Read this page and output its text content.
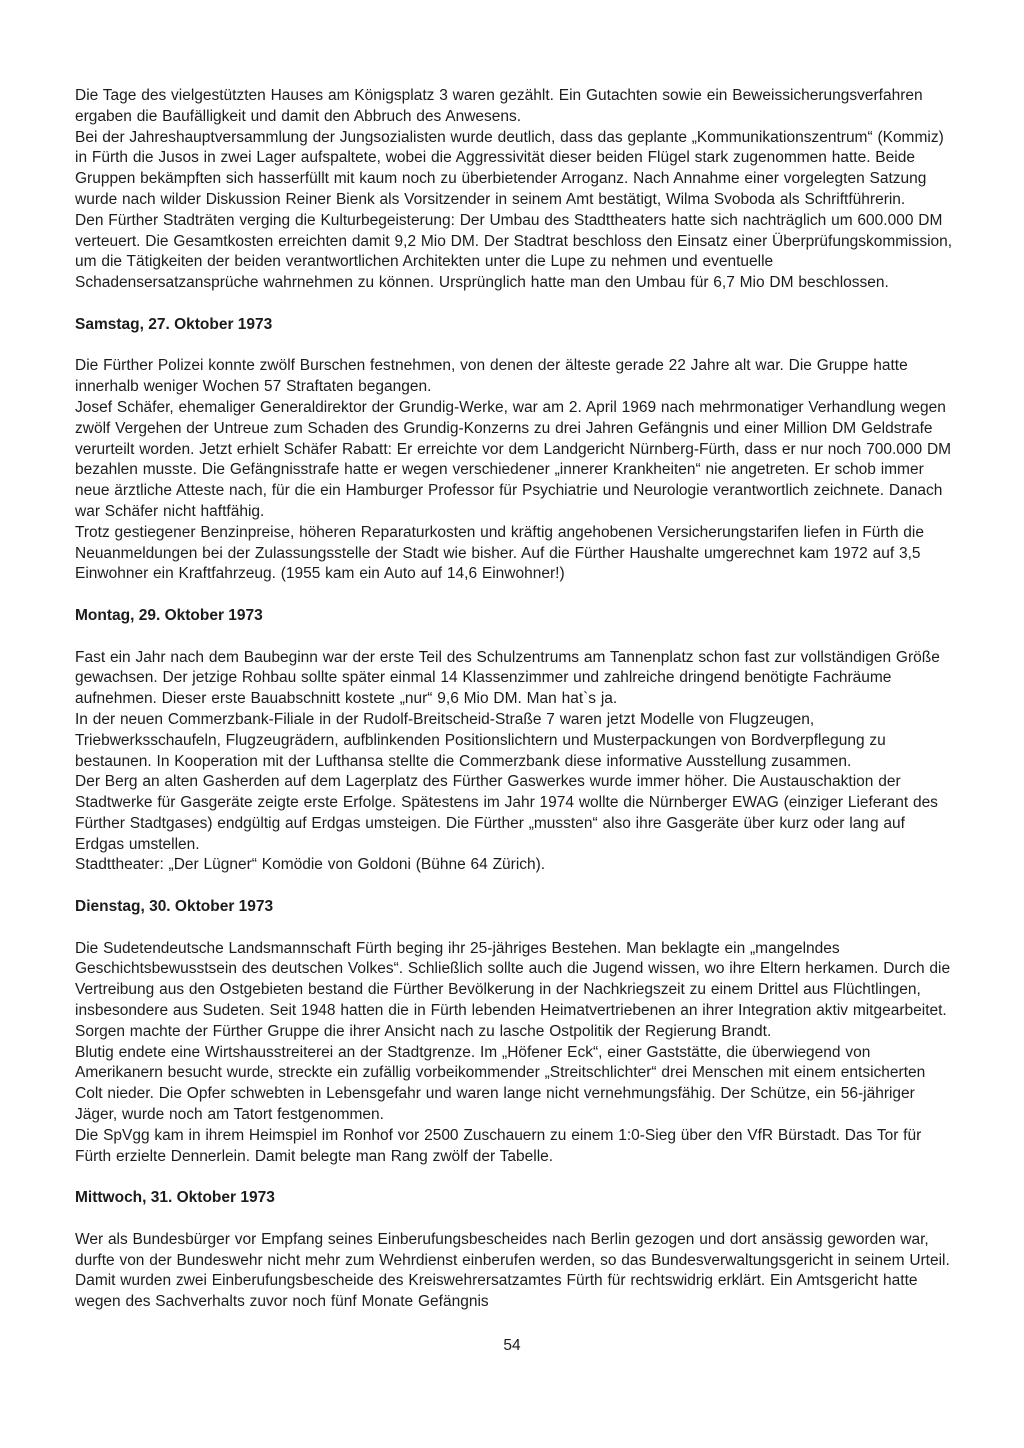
Die Tage des vielgestützten Hauses am Königsplatz 3 waren gezählt. Ein Gutachten sowie ein Beweissicherungsverfahren ergaben die Baufälligkeit und damit den Abbruch des Anwesens.

Bei der Jahreshauptversammlung der Jungsozialisten wurde deutlich, dass das geplante „Kommunikationszentrum“ (Kommiz) in Fürth die Jusos in zwei Lager aufspaltete, wobei die Aggressivität dieser beiden Flügel stark zugenommen hatte. Beide Gruppen bekämpften sich hasserfüllt mit kaum noch zu überbietender Arroganz. Nach Annahme einer vorgelegten Satzung wurde nach wilder Diskussion Reiner Bienk als Vorsitzender in seinem Amt bestätigt, Wilma Svoboda als Schriftführerin.

Den Fürther Stadträten verging die Kulturbegeisterung: Der Umbau des Stadttheaters hatte sich nachträglich um 600.000 DM verteuert. Die Gesamtkosten erreichten damit 9,2 Mio DM. Der Stadtrat beschloss den Einsatz einer Überprüfungskommission, um die Tätigkeiten der beiden verantwortlichen Architekten unter die Lupe zu nehmen und eventuelle Schadensersatzansprüche wahrnehmen zu können. Ursprünglich hatte man den Umbau für 6,7 Mio DM beschlossen.

Samstag, 27. Oktober 1973

Die Fürther Polizei konnte zwölf Burschen festnehmen, von denen der älteste gerade 22 Jahre alt war. Die Gruppe hatte innerhalb weniger Wochen 57 Straftaten begangen.

Josef Schäfer, ehemaliger Generaldirektor der Grundig-Werke, war am 2. April 1969 nach mehrmonatiger Verhandlung wegen zwölf Vergehen der Untreue zum Schaden des Grundig-Konzerns zu drei Jahren Gefängnis und einer Million DM Geldstrafe verurteilt worden. Jetzt erhielt Schäfer Rabatt: Er erreichte vor dem Landgericht Nürnberg-Fürth, dass er nur noch 700.000 DM bezahlen musste. Die Gefängnisstrafe hatte er wegen verschiedener „innerer Krankheiten“ nie angetreten. Er schob immer neue ärztliche Atteste nach, für die ein Hamburger Professor für Psychiatrie und Neurologie verantwortlich zeichnete. Danach war Schäfer nicht haftfähig.

Trotz gestiegener Benzinpreise, höheren Reparaturkosten und kräftig angehobenen Versicherungstarifen liefen in Fürth die Neuanmeldungen bei der Zulassungsstelle der Stadt wie bisher. Auf die Fürther Haushalte umgerechnet kam 1972 auf 3,5 Einwohner ein Kraftfahrzeug. (1955 kam ein Auto auf 14,6 Einwohner!)

Montag, 29. Oktober 1973

Fast ein Jahr nach dem Baubeginn war der erste Teil des Schulzentrums am Tannenplatz schon fast zur vollständigen Größe gewachsen. Der jetzige Rohbau sollte später einmal 14 Klassenzimmer und zahlreiche dringend benötigte Fachräume aufnehmen. Dieser erste Bauabschnitt kostete „nur“ 9,6 Mio DM. Man hat`s ja.

In der neuen Commerzbank-Filiale in der Rudolf-Breitscheid-Straße 7 waren jetzt Modelle von Flugzeugen, Triebwerksschaufeln, Flugzeugrädern, aufblinkenden Positionslichtern und Musterpackungen von Bordverpflegung zu bestaunen. In Kooperation mit der Lufthansa stellte die Commerzbank diese informative Ausstellung zusammen.

Der Berg an alten Gasherden auf dem Lagerplatz des Fürther Gaswerkes wurde immer höher. Die Austauschaktion der Stadtwerke für Gasgeräte zeigte erste Erfolge. Spätestens im Jahr 1974 wollte die Nürnberger EWAG (einziger Lieferant des Fürther Stadtgases) endgültig auf Erdgas umsteigen. Die Fürther „mussten“ also ihre Gasgeräte über kurz oder lang auf Erdgas umstellen.

Stadttheater: „Der Lügner“ Komödie von Goldoni (Bühne 64 Zürich).

Dienstag, 30. Oktober 1973

Die Sudetendeutsche Landsmannschaft Fürth beging ihr 25-jähriges Bestehen. Man beklagte ein „mangelndes Geschichtsbewusstsein des deutschen Volkes“. Schließlich sollte auch die Jugend wissen, wo ihre Eltern herkamen. Durch die Vertreibung aus den Ostgebieten bestand die Fürther Bevölkerung in der Nachkriegszeit zu einem Drittel aus Flüchtlingen, insbesondere aus Sudeten. Seit 1948 hatten die in Fürth lebenden Heimatvertriebenen an ihrer Integration aktiv mitgearbeitet. Sorgen machte der Fürther Gruppe die ihrer Ansicht nach zu lasche Ostpolitik der Regierung Brandt.

Blutig endete eine Wirtshausstreiterei an der Stadtgrenze. Im „Höfener Eck“, einer Gaststätte, die überwiegend von Amerikanern besucht wurde, streckte ein zufällig vorbeikommender „Streitschlichter“ drei Menschen mit einem entsicherten Colt nieder. Die Opfer schwebten in Lebensgefahr und waren lange nicht vernehmungsfähig. Der Schütze, ein 56-jähriger Jäger, wurde noch am Tatort festgenommen.

Die SpVgg kam in ihrem Heimspiel im Ronhof vor 2500 Zuschauern zu einem 1:0-Sieg über den VfR Bürstadt. Das Tor für Fürth erzielte Dennerlein. Damit belegte man Rang zwölf der Tabelle.

Mittwoch, 31. Oktober 1973

Wer als Bundesbürger vor Empfang seines Einberufungsbescheides nach Berlin gezogen und dort ansässig geworden war, durfte von der Bundeswehr nicht mehr zum Wehrdienst einberufen werden, so das Bundesverwaltungsgericht in seinem Urteil. Damit wurden zwei Einberufungsbescheide des Kreiswehrersatzamtes Fürth für rechtswidrig erklärt. Ein Amtsgericht hatte wegen des Sachverhalts zuvor noch fünf Monate Gefängnis

54
